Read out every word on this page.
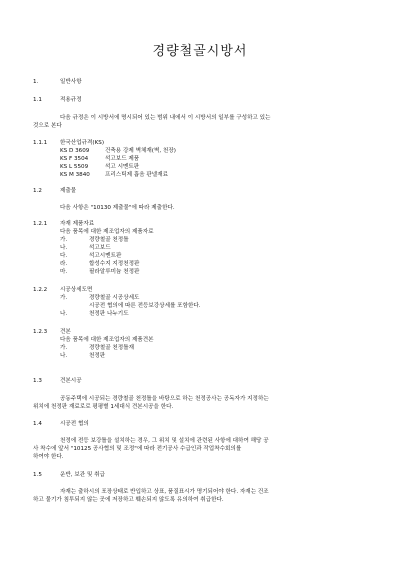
경량철골시방서
1.	일반사항
1.1	적용규정
다음 규정은 이 시방서에 명시되어 있는 범위 내에서 이 시방서의 일부를 구성하고 있는
것으로 본다
1.1.1 한국산업규격(KS)
KS D 3609	건축용 강제 벽체재(벽, 천장)
KS F 3504	석고보드 제품
KS L 5509	석고 시멘트판
KS M 3840	프리스틱제 흡음 판넬재료
1.2	제출물
다음 사항은 "10130 제출물"에 따라 제출한다.
1.2.1 자재 제품자료
다음 품목에 대한 제조업자의 제품자료
가.	경량철골 천정틀
나.	석고보드
다.	석고시멘트판
라.	합성수지 지정천정판
마.	필라알루미늄 천정판
1.2.2 시공상세도면
가.	경량철골 시공상세도
시공전 협의에 따른 전등보강상세를 포함한다.
나.	천정판 나누기도
1.2.3 견본
다음 품목에 대한 제조업자의 제품견본
가.	경량철골 천정틀재
나.	천정판
1.3	견본시공
공동주택에 시공되는 경량철골 천정틀을 바탕으로 하는 천정공사는 공독자가 지정하는
위치에 천정판 재료로로 평평별 1세대식 견본시공을 한다.
1.4	시공전 협의
천정에 전등 보강틀을 설치하는 경우, 그 위치 및 설치에 관련된 사항에 대하여 해당 공
사 착수에 앞서 "10125 공사협의 및 조정"에 따라 전기공사 수급인과 작업착수회의를
하여야 한다.
1.5	운반, 보관 및 취급
자재는 출하시의 포장상태로 반입하고 상표, 품질표시가 명기되어야 한다. 자재는 건조
하고 물기가 침투되지 않는 곳에 저장하고 훼손되지 않도록 유의하여 취급한다.
